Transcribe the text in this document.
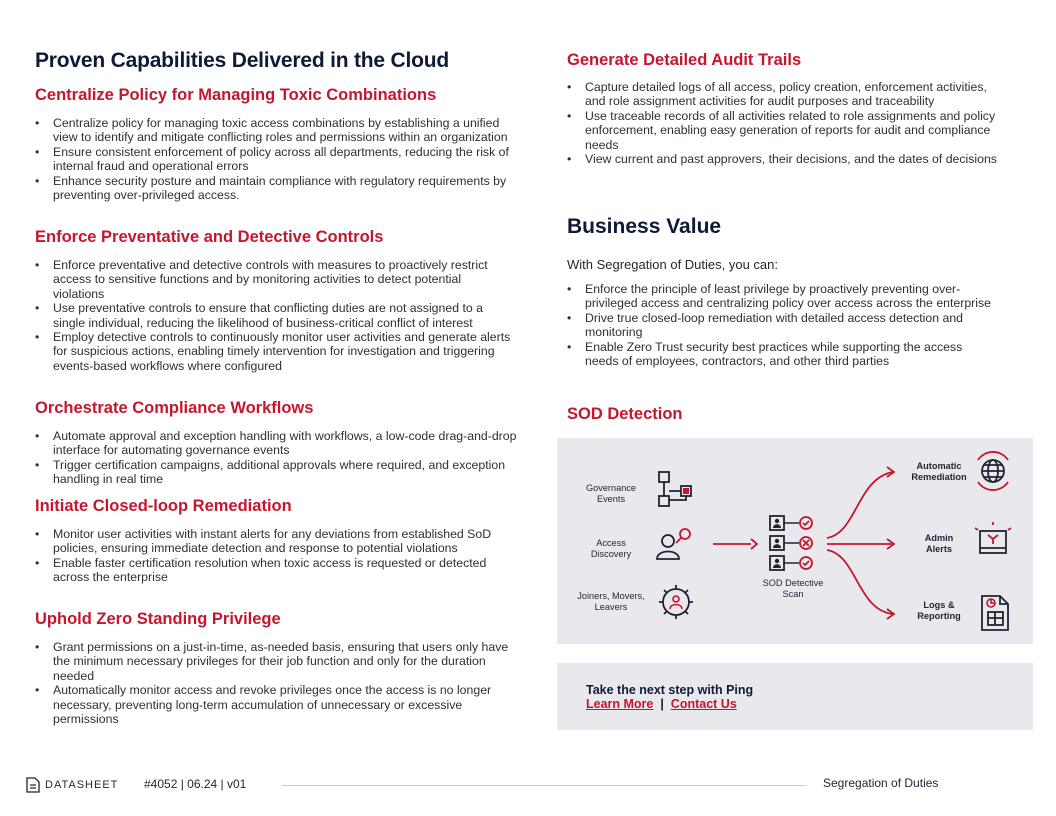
Proven Capabilities Delivered in the Cloud
Centralize Policy for Managing Toxic Combinations
• Centralize policy for managing toxic access combinations by establishing a unified view to identify and mitigate conflicting roles and permissions within an organization
• Ensure consistent enforcement of policy across all departments, reducing the risk of internal fraud and operational errors
• Enhance security posture and maintain compliance with regulatory requirements by preventing over-privileged access.
Enforce Preventative and Detective Controls
• Enforce preventative and detective controls with measures to proactively restrict access to sensitive functions and by monitoring activities to detect potential violations
• Use preventative controls to ensure that conflicting duties are not assigned to a single individual, reducing the likelihood of business-critical conflict of interest
• Employ detective controls to continuously monitor user activities and generate alerts for suspicious actions, enabling timely intervention for investigation and triggering events-based workflows where configured
Orchestrate Compliance Workflows
• Automate approval and exception handling with workflows, a low-code drag-and-drop interface for automating governance events
• Trigger certification campaigns, additional approvals where required, and exception handling in real time
Initiate Closed-loop Remediation
• Monitor user activities with instant alerts for any deviations from established SoD policies, ensuring immediate detection and response to potential violations
• Enable faster certification resolution when toxic access is requested or detected across the enterprise
Uphold Zero Standing Privilege
• Grant permissions on a just-in-time, as-needed basis, ensuring that users only have the minimum necessary privileges for their job function and only for the duration needed
• Automatically monitor access and revoke privileges once the access is no longer necessary, preventing long-term accumulation of unnecessary or excessive permissions
Generate Detailed Audit Trails
• Capture detailed logs of all access, policy creation, enforcement activities, and role assignment activities for audit purposes and traceability
• Use traceable records of all activities related to role assignments and policy enforcement, enabling easy generation of reports for audit and compliance needs
• View current and past approvers, their decisions, and the dates of decisions
Business Value

With Segregation of Duties, you can:

• Enforce the principle of least privilege by proactively preventing over-privileged access and centralizing policy over access across the enterprise
• Drive true closed-loop remediation with detailed access detection and monitoring
• Enable Zero Trust security best practices while supporting the access needs of employees, contractors, and other third parties
SOD Detection
Governance Events
Access Discovery
Joiners, Movers, Leavers
SOD Detective Scan
Automatic Remediation
Admin Alerts
Logs & Reporting
Take the next step with Ping
Learn More | Contact Us
DATASHEET #4052 | 06.24 | v01	Segregation of Duties
